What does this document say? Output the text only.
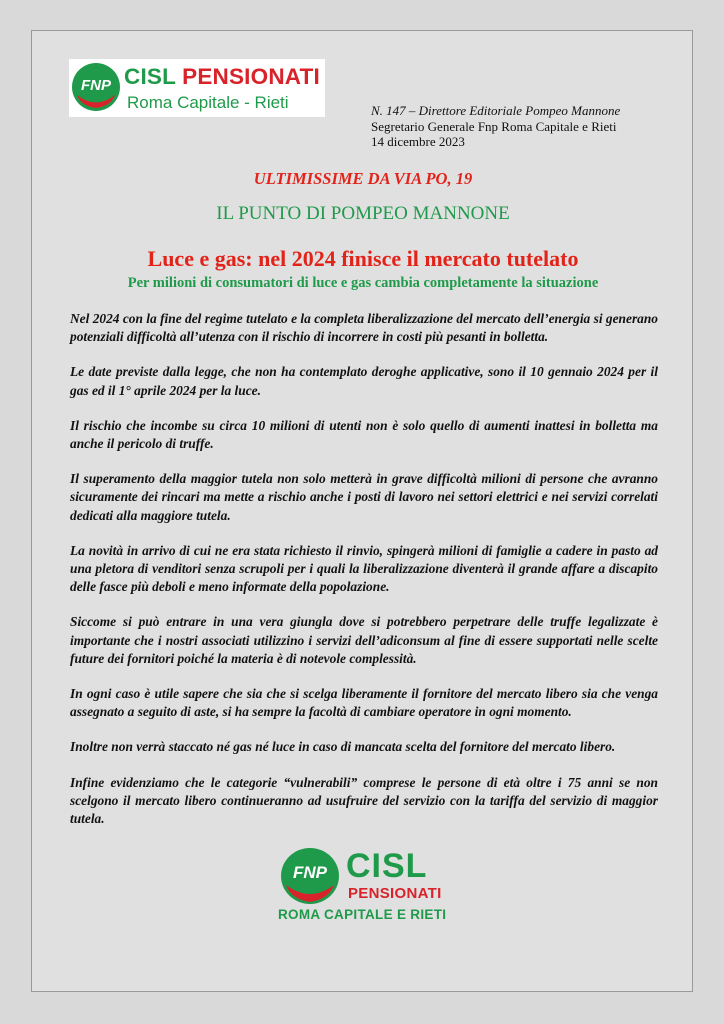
FNP CISL PENSIONATI
Roma Capitale - Rieti	N. 147 – Direttore Editoriale Pompeo Mannone
Segretario Generale Fnp Roma Capitale e Rieti
14 dicembre 2023
ULTIMISSIME DA VIA PO, 19
IL PUNTO DI POMPEO MANNONE
Luce e gas: nel 2024 finisce il mercato tutelato
Per milioni di consumatori di luce e gas cambia completamente la situazione

Nel 2024 con la fine del regime tutelato e la completa liberalizzazione del mercato dell’energia si generano potenziali difficoltà all’utenza con il rischio di incorrere in costi più pesanti in bolletta.

Le date previste dalla legge, che non ha contemplato deroghe applicative, sono il 10 gennaio 2024 per il gas ed il 1° aprile 2024 per la luce.

Il rischio che incombe su circa 10 milioni di utenti non è solo quello di aumenti inattesi in bolletta ma anche il pericolo di truffe.

Il superamento della maggior tutela non solo metterà in grave difficoltà milioni di persone che avranno sicuramente dei rincari ma mette a rischio anche i posti di lavoro nei settori elettrici e nei servizi correlati dedicati alla maggiore tutela.

La novità in arrivo di cui ne era stata richiesto il rinvio, spingerà milioni di famiglie a cadere in pasto ad una pletora di venditori senza scrupoli per i quali la liberalizzazione diventerà il grande affare a discapito delle fasce più deboli e meno informate della popolazione.

Siccome si può entrare in una vera giungla dove si potrebbero perpetrare delle truffe legalizzate è importante che i nostri associati utilizzino i servizi dell’adiconsum al fine di essere supportati nelle scelte future dei fornitori poiché la materia è di notevole complessità.

In ogni caso è utile sapere che sia che si scelga liberamente il fornitore del mercato libero sia che venga assegnato a seguito di aste, si ha sempre la facoltà di cambiare operatore in ogni momento.

Inoltre non verrà staccato né gas né luce in caso di mancata scelta del fornitore del mercato libero.

Infine evidenziamo che le categorie “vulnerabili” comprese le persone di età oltre i 75 anni se non scelgono il mercato libero continueranno ad usufruire del servizio con la tariffa del servizio di maggior tutela.

FNP CISL
PENSIONATI
ROMA CAPITALE E RIETI
